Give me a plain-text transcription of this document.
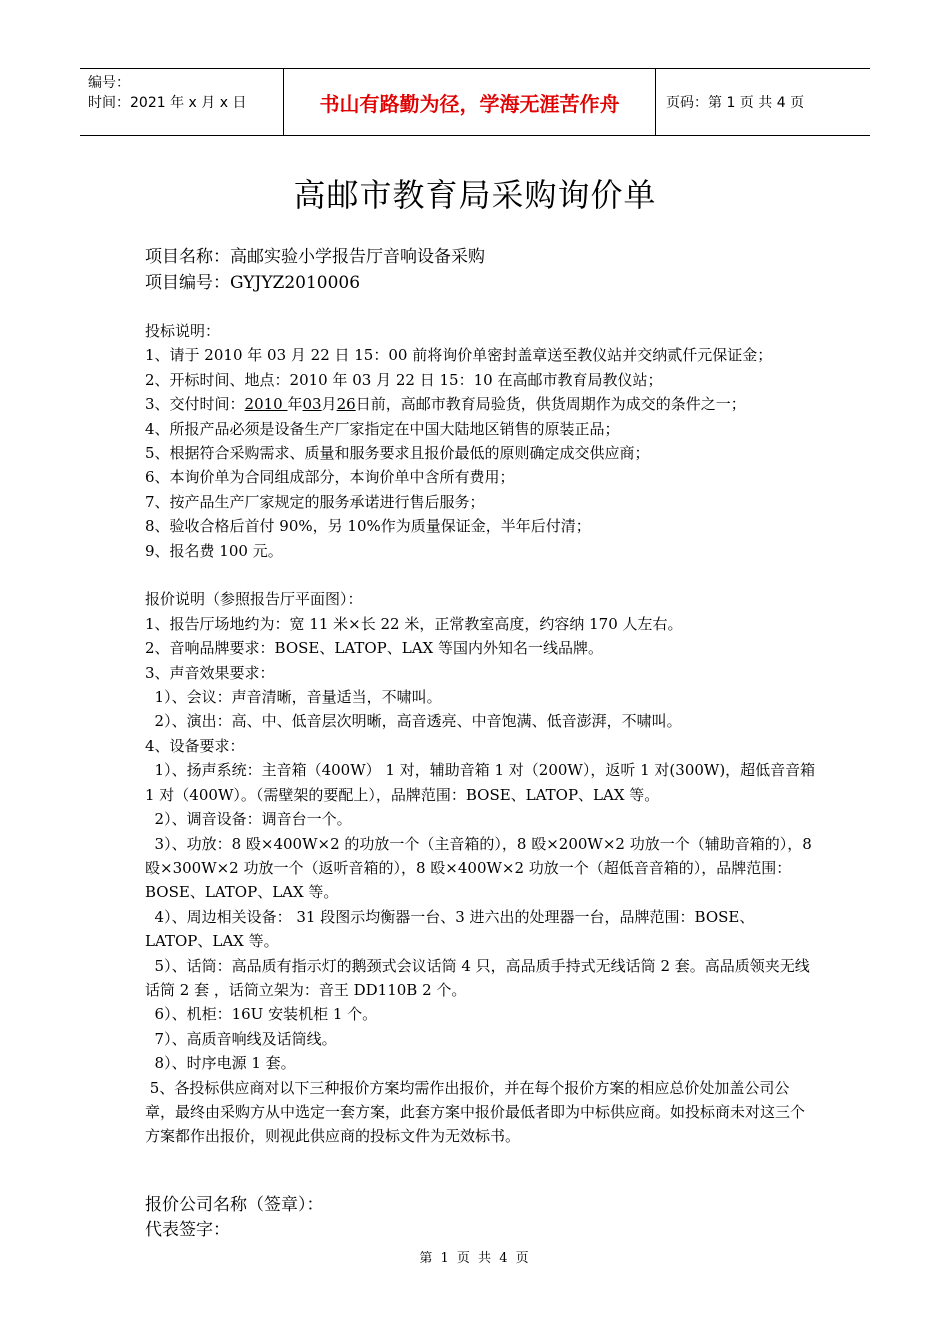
编号：
时间：2021 年 x 月 x 日	书山有路勤为径，学海无涯苦作舟	页码：第 1 页 共 4 页
高邮市教育局采购询价单
项目名称：高邮实验小学报告厅音响设备采购
项目编号：GYJYZ2010006

投标说明：

1、请于 2010 年 03 月 22 日 15：00 前将询价单密封盖章送至教仪站并交纳贰仟元保证金；

2、开标时间、地点：2010 年 03 月 22 日 15：10 在高邮市教育局教仪站；

3、交付时间：2010 年03月26日前，高邮市教育局验货，供货周期作为成交的条件之一；

4、所报产品必须是设备生产厂家指定在中国大陆地区销售的原装正品；

5、根据符合采购需求、质量和服务要求且报价最低的原则确定成交供应商；

6、本询价单为合同组成部分，本询价单中含所有费用；

7、按产品生产厂家规定的服务承诺进行售后服务；

8、验收合格后首付 90%，另 10%作为质量保证金，半年后付清；

9、报名费 100 元。

报价说明（参照报告厅平面图）：

1、报告厅场地约为：宽 11 米×长 22 米，正常教室高度，约容纳 170 人左右。

2、音响品牌要求：BOSE、LATOP、LAX 等国内外知名一线品牌。

3、声音效果要求：

1）、会议：声音清晰，音量适当，不啸叫。

2）、演出：高、中、低音层次明晰，高音透亮、中音饱满、低音澎湃，不啸叫。

4、设备要求：

1）、扬声系统：主音箱（400W） 1 对，辅助音箱 1 对（200W），返听 1 对(300W)，超低音音箱 1 对（400W）。（需壁架的要配上），品牌范围：BOSE、LATOP、LAX 等。

2）、调音设备：调音台一个。

3）、功放：8 殴×400W×2 的功放一个（主音箱的），8 殴×200W×2 功放一个（辅助音箱的），8 殴×300W×2 功放一个（返听音箱的），8 殴×400W×2 功放一个（超低音音箱的），品牌范围：BOSE、LATOP、LAX 等。

4）、周边相关设备： 31 段图示均衡器一台、3 进六出的处理器一台，品牌范围：BOSE、LATOP、LAX 等。

5）、话筒：高品质有指示灯的鹅颈式会议话筒 4 只，高品质手持式无线话筒 2 套。高品质领夹无线话筒 2 套 ，话筒立架为：音王 DD110B 2 个。

6）、机柜：16U 安装机柜 1 个。

7）、高质音响线及话筒线。

8）、时序电源 1 套。

5、各投标供应商对以下三种报价方案均需作出报价，并在每个报价方案的相应总价处加盖公司公章，最终由采购方从中选定一套方案，此套方案中报价最低者即为中标供应商。如投标商未对这三个方案都作出报价，则视此供应商的投标文件为无效标书。

报价公司名称（签章）：
代表签字：
第 1 页 共 4 页
